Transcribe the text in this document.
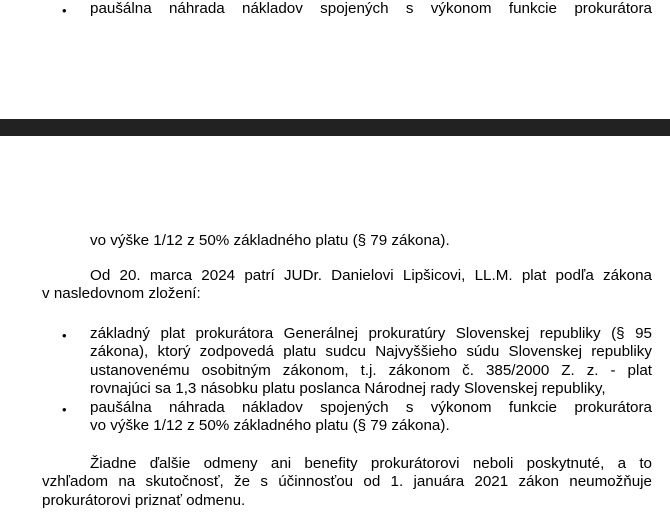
•	paušálna náhrada nákladov spojených s výkonom funkcie prokurátora
vo výške 1/12 z 50% základného platu (§ 79 zákona).
Od 20. marca 2024 patrí JUDr. Danielovi Lipšicovi, LL.M. plat podľa zákona
v nasledovnom zložení:
•	základný plat prokurátora Generálnej prokuratúry Slovenskej republiky (§ 95
zákona), ktorý zodpovedá platu sudcu Najvyššieho súdu Slovenskej republiky
ustanovenému osobitným zákonom, t.j. zákonom č. 385/2000 Z. z. - plat
rovnajúci sa 1,3 násobku platu poslanca Národnej rady Slovenskej republiky,
•	paušálna náhrada nákladov spojených s výkonom funkcie prokurátora
vo výške 1/12 z 50% základného platu (§ 79 zákona).
Žiadne ďalšie odmeny ani benefity prokurátorovi neboli poskytnuté, a to
vzhľadom na skutočnosť, že s účinnosťou od 1. januára 2021 zákon neumožňuje
prokurátorovi priznať odmenu.
